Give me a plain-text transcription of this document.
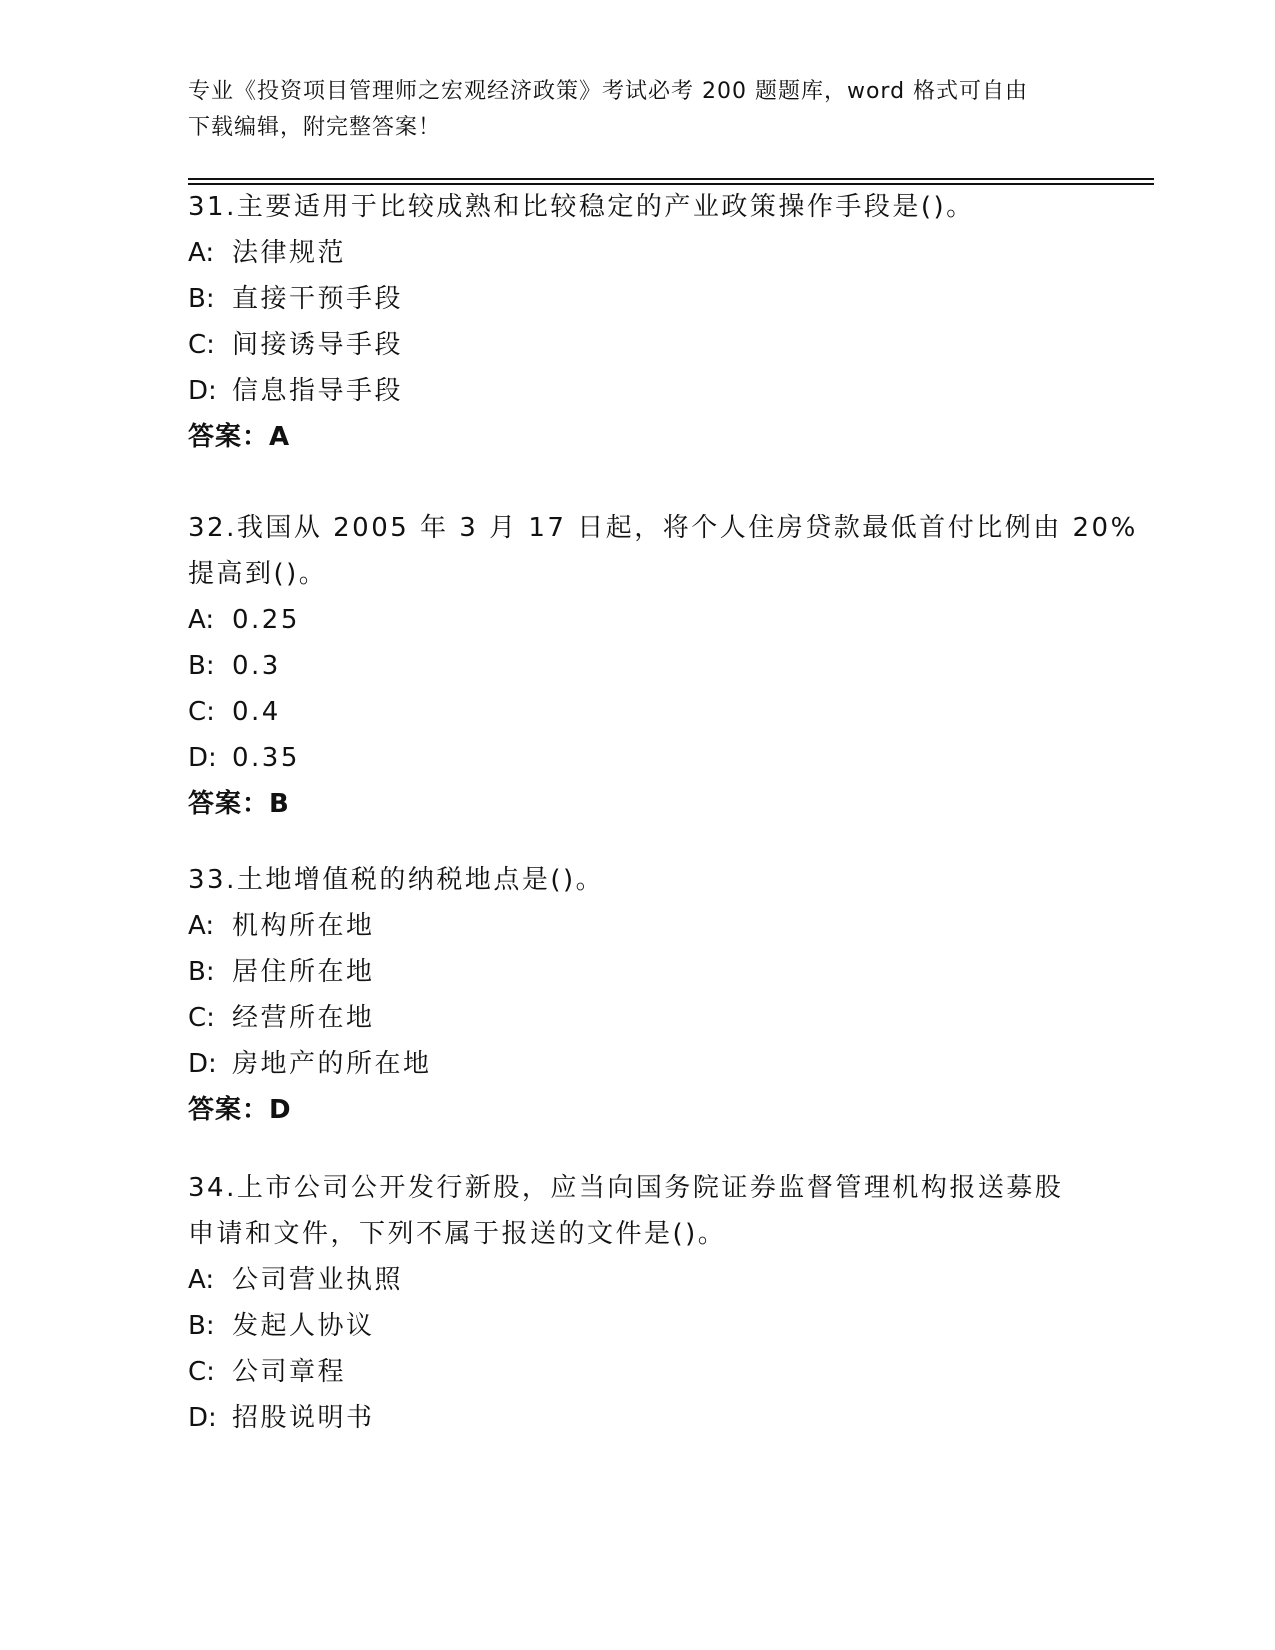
专业《投资项目管理师之宏观经济政策》考试必考 200 题题库，word 格式可自由
下载编辑，附完整答案！
31.主要适用于比较成熟和比较稳定的产业政策操作手段是()。
A: 法律规范
B: 直接干预手段
C: 间接诱导手段
D: 信息指导手段
答案：A
32.我国从 2005 年 3 月 17 日起，将个人住房贷款最低首付比例由 20%
提高到()。
A: 0.25
B: 0.3
C: 0.4
D: 0.35
答案：B
33.土地增值税的纳税地点是()。
A: 机构所在地
B: 居住所在地
C: 经营所在地
D: 房地产的所在地
答案：D
34.上市公司公开发行新股，应当向国务院证券监督管理机构报送募股
申请和文件，下列不属于报送的文件是()。
A: 公司营业执照
B: 发起人协议
C: 公司章程
D: 招股说明书
